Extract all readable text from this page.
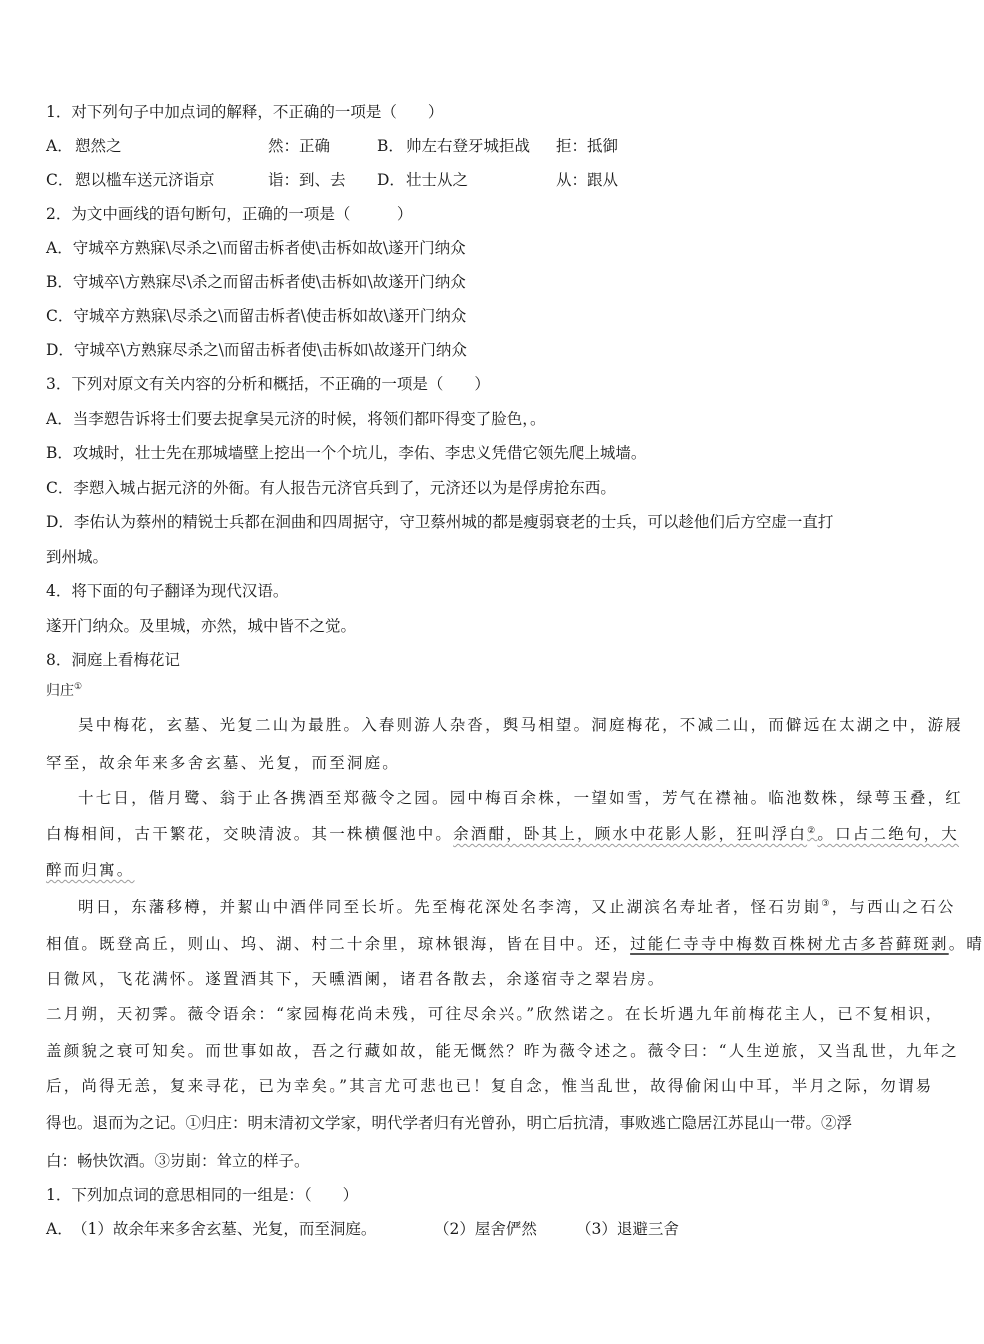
1．对下列句子中加点词的解释，不正确的一项是（　　）
A． 愬然之	然：正确	B． 帅左右登牙城拒战 拒：抵御
C． 愬以槛车送元济诣京	诣：到、去 D． 壮士从之	从：跟从
2．为文中画线的语句断句，正确的一项是（　　　）
A．守城卒方熟寐\尽杀之\而留击柝者使\击柝如故\遂开门纳众
B．守城卒\方熟寐尽\杀之而留击柝者使\击柝如\故遂开门纳众
C．守城卒方熟寐\尽杀之\而留击柝者\使击柝如故\遂开门纳众
D．守城卒\方熟寐尽杀之\而留击柝者使\击柝如\故遂开门纳众
3．下列对原文有关内容的分析和概括，不正确的一项是（　　）
A．当李愬告诉将士们要去捉拿吴元济的时候，将领们都吓得变了脸色，。
B．攻城时，壮士先在那城墙壁上挖出一个个坑儿，李佑、李忠义凭借它领先爬上城墙。
C．李愬入城占据元济的外衙。有人报告元济官兵到了，元济还以为是俘虏抢东西。
D．李佑认为蔡州的精锐士兵都在洄曲和四周据守，守卫蔡州城的都是瘦弱衰老的士兵，可以趁他们后方空虚一直打
到州城。
4．将下面的句子翻译为现代汉语。
遂开门纳众。及里城，亦然，城中皆不之觉。
8．洞庭上看梅花记
归庄①
吴中梅花，玄墓、光复二山为最胜。入春则游人杂沓，舆马相望。洞庭梅花，不减二山，而僻远在太湖之中，游屐
罕至，故余年来多舍玄墓、光复，而至洞庭。
十七日，偕月鹭、翁于止各携酒至郑薇令之园。园中梅百余株，一望如雪，芳气在襟袖。临池数株，绿萼玉叠，红
白梅相间，古干繁花，交映清波。其一株横偃池中。余酒酣，卧其上，顾水中花影人影，狂叫浮白②。口占二绝句，大
醉而归寓。
明日，东藩移樽，并絜山中酒伴同至长圻。先至梅花深处名李湾，又止湖滨名寿址者，怪石岃崱③，与西山之石公
相值。既登高丘，则山、坞、湖、村二十余里，琼林银海，皆在目中。还，过能仁寺寺中梅数百株树尤古多苔藓斑剥。晴
日微风，飞花满怀。遂置酒其下，天曛酒阑，诸君各散去，余遂宿寺之翠岩房。
二月朔，天初霁。薇令语余：“家园梅花尚未残，可往尽余兴。”欣然诺之。在长圻遇九年前梅花主人，已不复相识，
盖颜貌之衰可知矣。而世事如故，吾之行藏如故，能无慨然？昨为薇令述之。薇令曰：“人生逆旅，又当乱世，九年之
后，尚得无恙，复来寻花，已为幸矣。”其言尤可悲也已！复自念，惟当乱世，故得偷闲山中耳，半月之际，勿谓易
得也。退而为之记。①归庄：明末清初文学家，明代学者归有光曾孙，明亡后抗清，事败逃亡隐居江苏昆山一带。②浮
白：畅快饮酒。③岃崱：耸立的样子。
1．下列加点词的意思相同的一组是：（　　）
A． （1）故余年来多舍玄墓、光复，而至洞庭。	（2）屋舍俨然	（3）退避三舍
